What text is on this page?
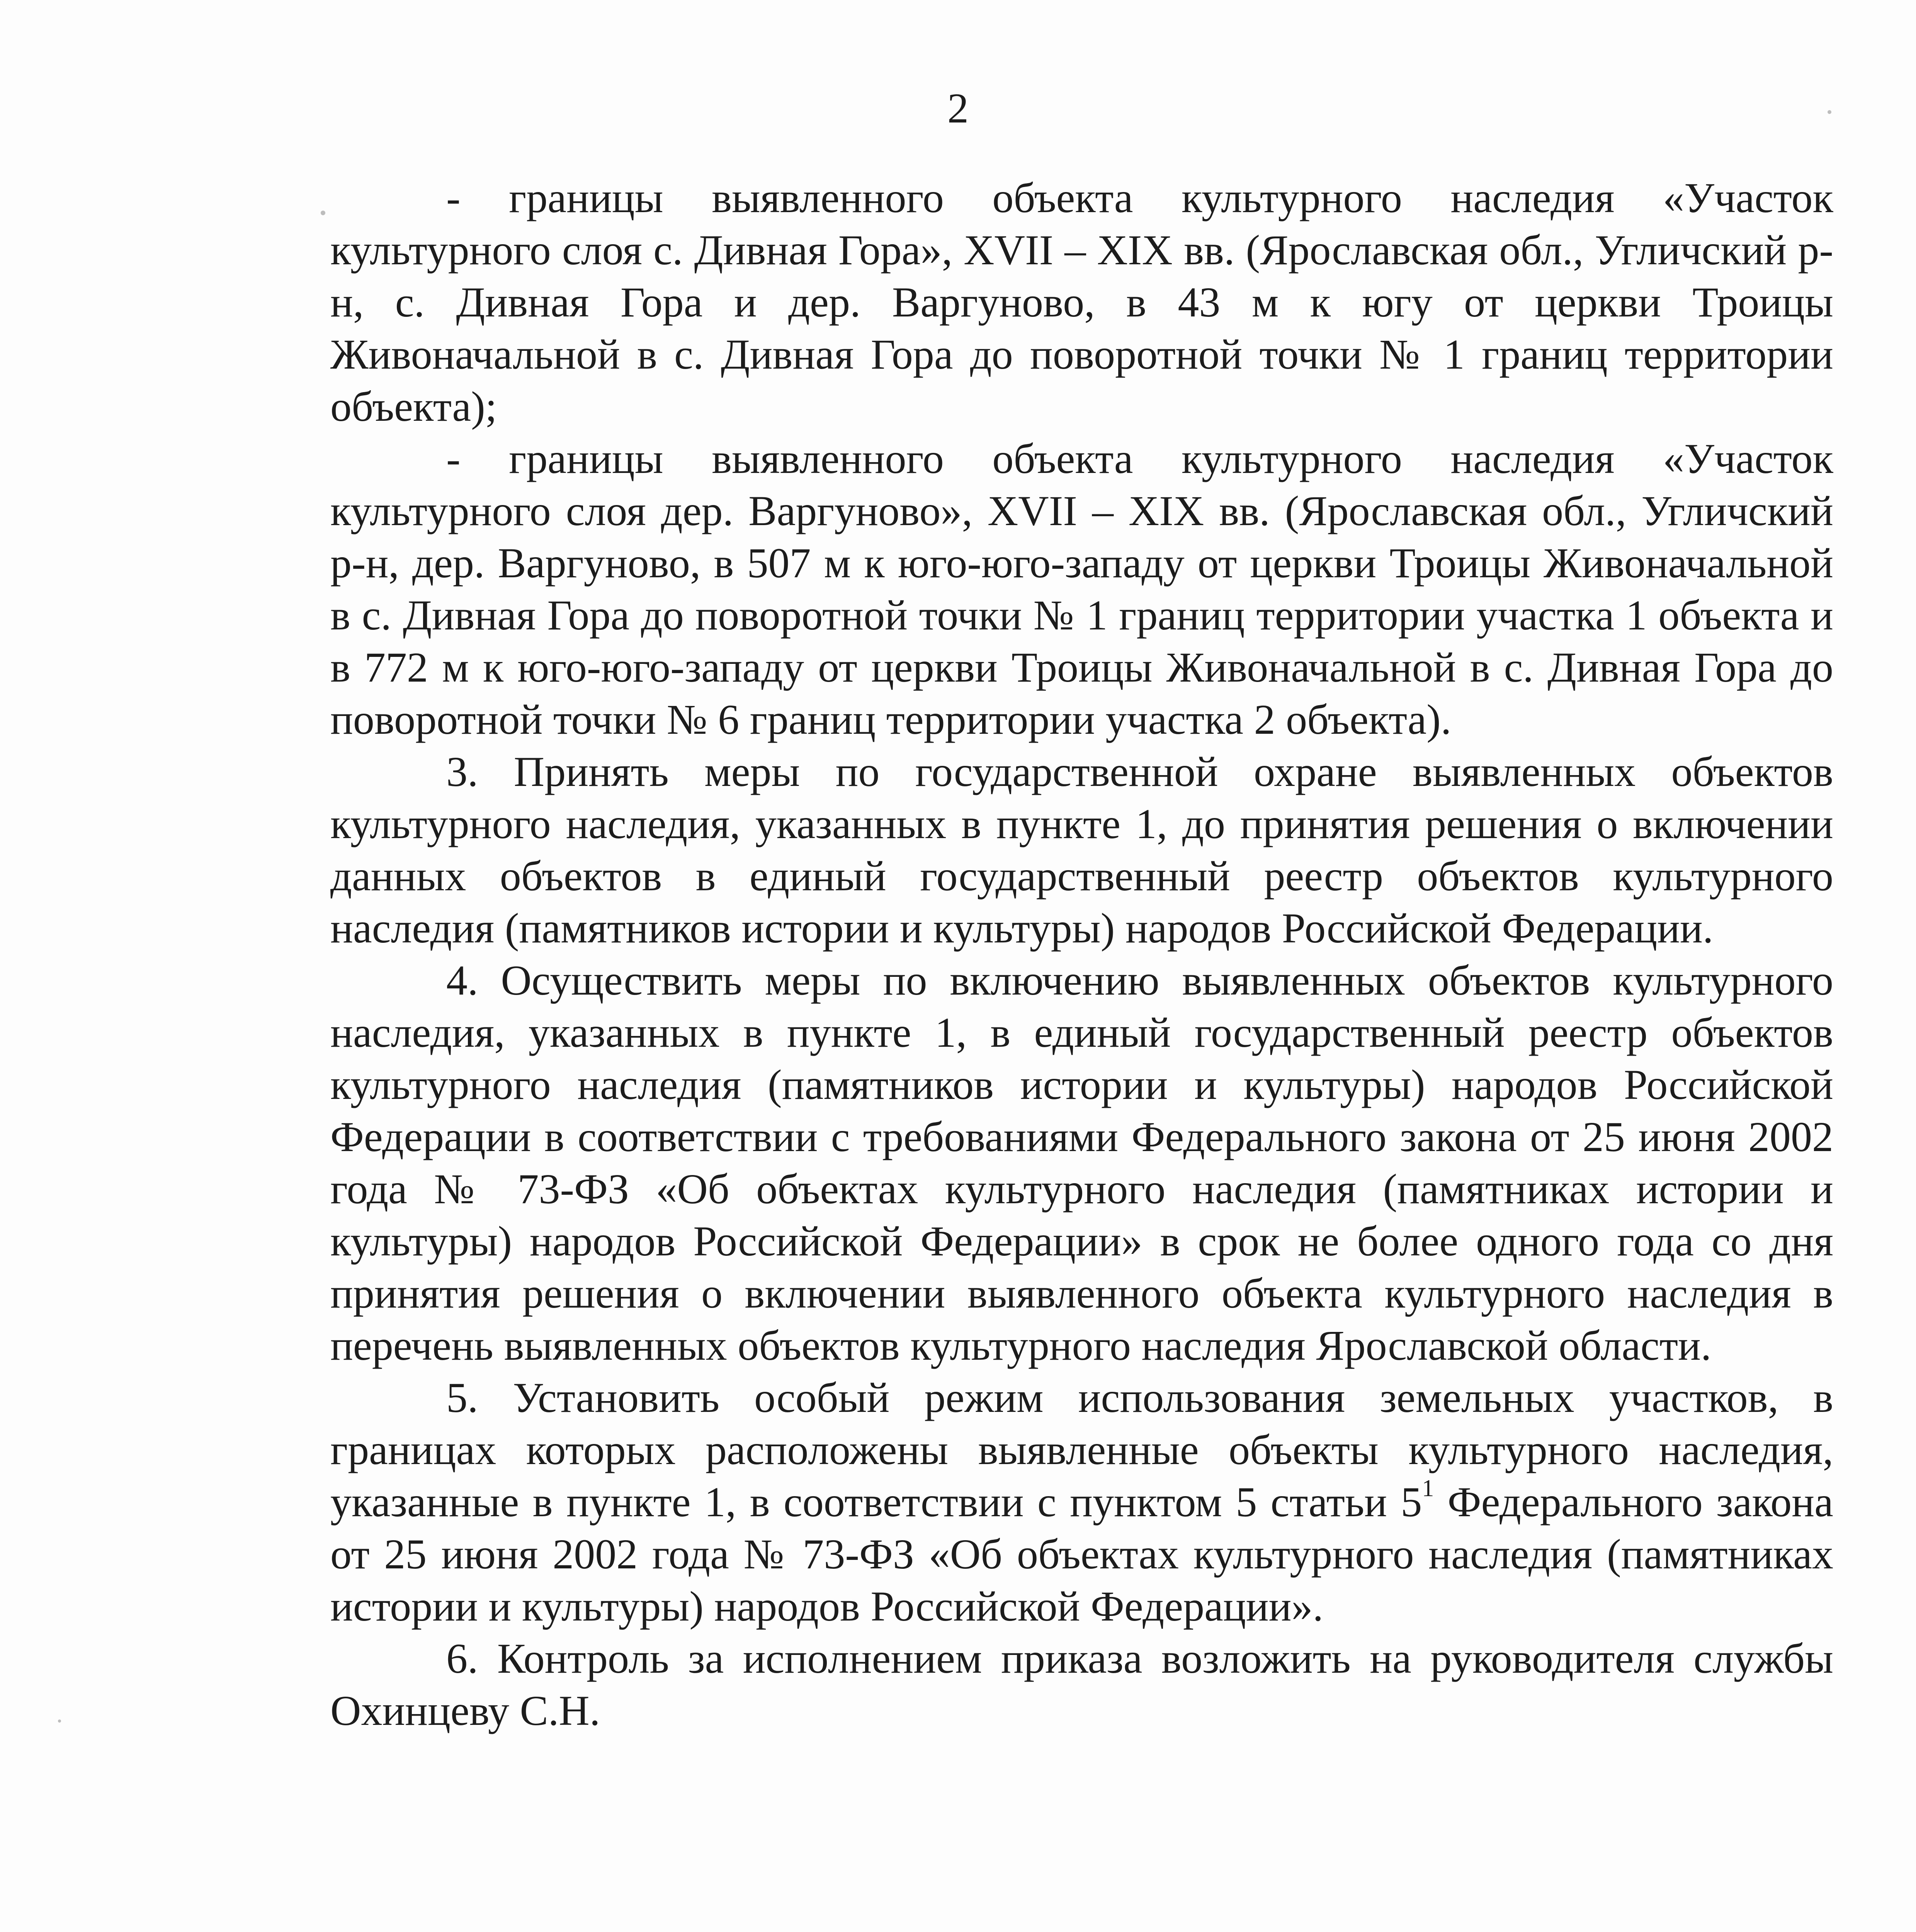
2

- границы выявленного объекта культурного наследия «Участок культурного слоя с. Дивная Гора», XVII – XIX вв. (Ярославская обл., Угличский р-н, с. Дивная Гора и дер. Варгуново, в 43 м к югу от церкви Троицы Живоначальной в с. Дивная Гора до поворотной точки № 1 границ территории объекта);

- границы выявленного объекта культурного наследия «Участок культурного слоя дер. Варгуново», XVII – XIX вв. (Ярославская обл., Угличский р-н, дер. Варгуново, в 507 м к юго-юго-западу от церкви Троицы Живоначальной в с. Дивная Гора до поворотной точки № 1 границ территории участка 1 объекта и в 772 м к юго-юго-западу от церкви Троицы Живоначальной в с. Дивная Гора до поворотной точки № 6 границ территории участка 2 объекта).

3. Принять меры по государственной охране выявленных объектов культурного наследия, указанных в пункте 1, до принятия решения о включении данных объектов в единый государственный реестр объектов культурного наследия (памятников истории и культуры) народов Российской Федерации.

4. Осуществить меры по включению выявленных объектов культурного наследия, указанных в пункте 1, в единый государственный реестр объектов культурного наследия (памятников истории и культуры) народов Российской Федерации в соответствии с требованиями Федерального закона от 25 июня 2002 года № 73-ФЗ «Об объектах культурного наследия (памятниках истории и культуры) народов Российской Федерации» в срок не более одного года со дня принятия решения о включении выявленного объекта культурного наследия в перечень выявленных объектов культурного наследия Ярославской области.

5. Установить особый режим использования земельных участков, в границах которых расположены выявленные объекты культурного наследия, указанные в пункте 1, в соответствии с пунктом 5 статьи $5^1$ Федерального закона от 25 июня 2002 года № 73-ФЗ «Об объектах культурного наследия (памятниках истории и культуры) народов Российской Федерации».

6. Контроль за исполнением приказа возложить на руководителя службы Охинцеву С.Н.
